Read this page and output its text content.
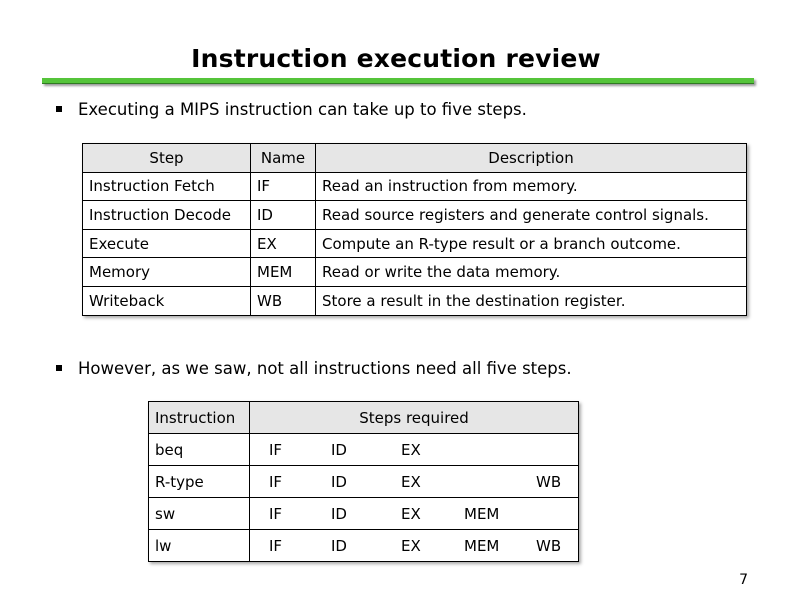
Instruction execution review
Executing a MIPS instruction can take up to five steps.
Step	Name	Description
Instruction Fetch	IF	Read an instruction from memory.
Instruction Decode	ID	Read source registers and generate control signals.
Execute	EX	Compute an R-type result or a branch outcome.
Memory	MEM	Read or write the data memory.
Writeback	WB	Store a result in the destination register.
However, as we saw, not all instructions need all five steps.
Instruction	Steps required
beq	IF ID EX

R-type	IF ID EX WB

sw	IF ID EX MEM

lw	IF ID EX MEM WB
7
